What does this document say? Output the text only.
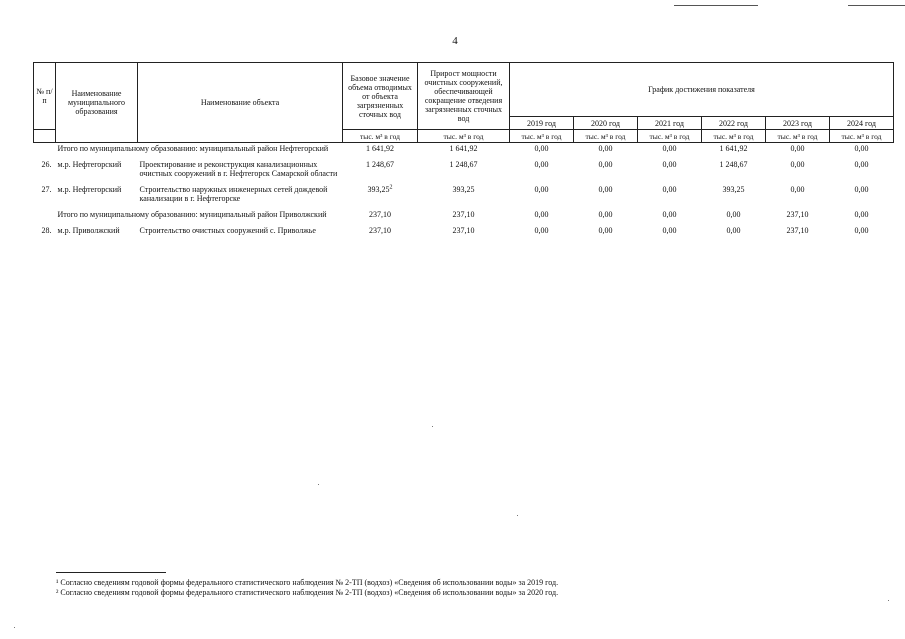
4
№ п/п	Наименование муниципального образования	Наименование объекта	Базовое значение объема отводимых от объекта загрязненных сточных вод	Прирост мощности очистных сооружений, обеспечивающей сокращение отведения загрязненных сточных вод	График достижения показателя					
					2019 год	2020 год	2021 год	2022 год	2023 год	2024 год
			тыс. м³ в год	тыс. м³ в год	тыс. м³ в год	тыс. м³ в год	тыс. м³ в год	тыс. м³ в год	тыс. м³ в год	тыс. м³ в год
	Итого по муниципальному образованию: муниципальный район Нефтегорский		1 641,92	1 641,92	0,00	0,00	0,00	1 641,92	0,00	0,00
26.	м.р. Нефтегорский	Проектирование и реконструкция канализационных очистных сооружений в г. Нефтегорск Самарской области	1 248,67	1 248,67	0,00	0,00	0,00	1 248,67	0,00	0,00
27.	м.р. Нефтегорский	Строительство наружных инженерных сетей дождевой канализации в г. Нефтегорске	393,25$^2$	393,25	0,00	0,00	0,00	393,25	0,00	0,00
	Итого по муниципальному образованию: муниципальный район Приволжский		237,10	237,10	0,00	0,00	0,00	0,00	237,10	0,00
28.	м.р. Приволжский	Строительство очистных сооружений с. Приволжье	237,10	237,10	0,00	0,00	0,00	0,00	237,10	0,00
¹ Согласно сведениям годовой формы федерального статистического наблюдения № 2-ТП (водхоз) «Сведения об использовании воды» за 2019 год.
² Согласно сведениям годовой формы федерального статистического наблюдения № 2-ТП (водхоз) «Сведения об использовании воды» за 2020 год.
